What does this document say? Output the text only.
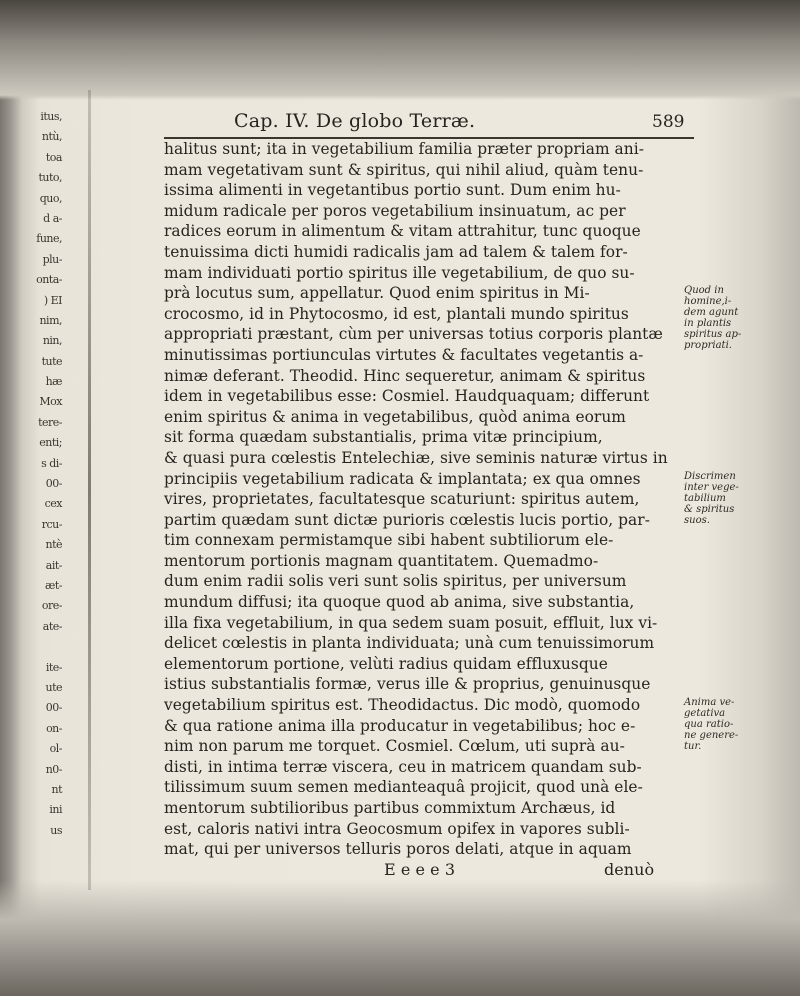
itus,
ntù,
toa
tuto,
quo,
d a-
fune,
plu-
onta-
) EI
nim,
nin,
tute
hæ
Mox
tere-
enti;
s di-
00-
cex
rcu-
ntè
ait-
æt-
ore-
ate-
ite-
ute
00-
on-
ol-
n0-
nt
ini
us
Cap. IV. De globo Terræ.	589
halitus sunt; ita in vegetabilium familia præter propriam ani-
mam vegetativam sunt & spiritus, qui nihil aliud, quàm tenu-
issima alimenti in vegetantibus portio sunt. Dum enim hu-
midum radicale per poros vegetabilium insinuatum, ac per
radices eorum in alimentum & vitam attrahitur, tunc quoque
tenuissima dicti humidi radicalis jam ad talem & talem for-
mam individuati portio spiritus ille vegetabilium, de quo su-
prà locutus sum, appellatur. Quod enim spiritus in Mi-
crocosmo, id in Phytocosmo, id est, plantali mundo spiritus
appropriati præstant, cùm per universas totius corporis plantæ
minutissimas portiunculas virtutes & facultates vegetantis a-
nimæ deferant. Theodid. Hinc sequeretur, animam & spiritus
idem in vegetabilibus esse: Cosmiel. Haudquaquam; differunt
enim spiritus & anima in vegetabilibus, quòd anima eorum
sit forma quædam substantialis, prima vitæ principium,
& quasi pura cœlestis Entelechiæ, sive seminis naturæ virtus in
principiis vegetabilium radicata & implantata; ex qua omnes
vires, proprietates, facultatesque scaturiunt: spiritus autem,
partim quædam sunt dictæ purioris cœlestis lucis portio, par-
tim connexam permistamque sibi habent subtiliorum ele-
mentorum portionis magnam quantitatem. Quemadmo-
dum enim radii solis veri sunt solis spiritus, per universum
mundum diffusi; ita quoque quod ab anima, sive substantia,
illa fixa vegetabilium, in qua sedem suam posuit, effluit, lux vi-
delicet cœlestis in planta individuata; unà cum tenuissimorum
elementorum portione, velùti radius quidam effluxusque
istius substantialis formæ, verus ille & proprius, genuinusque
vegetabilium spiritus est. Theodidactus. Dic modò, quomodo
& qua ratione anima illa producatur in vegetabilibus; hoc e-
nim non parum me torquet. Cosmiel. Cœlum, uti suprà au-
disti, in intima terræ viscera, ceu in matricem quandam sub-
tilissimum suum semen medianteaquâ projicit, quod unà ele-
mentorum subtilioribus partibus commixtum Archæus, id
est, caloris nativi intra Geocosmum opifex in vapores subli-
mat, qui per universos telluris poros delati, atque in aquam
E e e e 3	denuò
Quod in
homine,i-
dem agunt
in plantis
spiritus ap-
propriati.
Discrimen
inter vege-
tabilium
& spiritus
suos.
Anima ve-
getativa
qua ratio-
ne genere-
tur.
